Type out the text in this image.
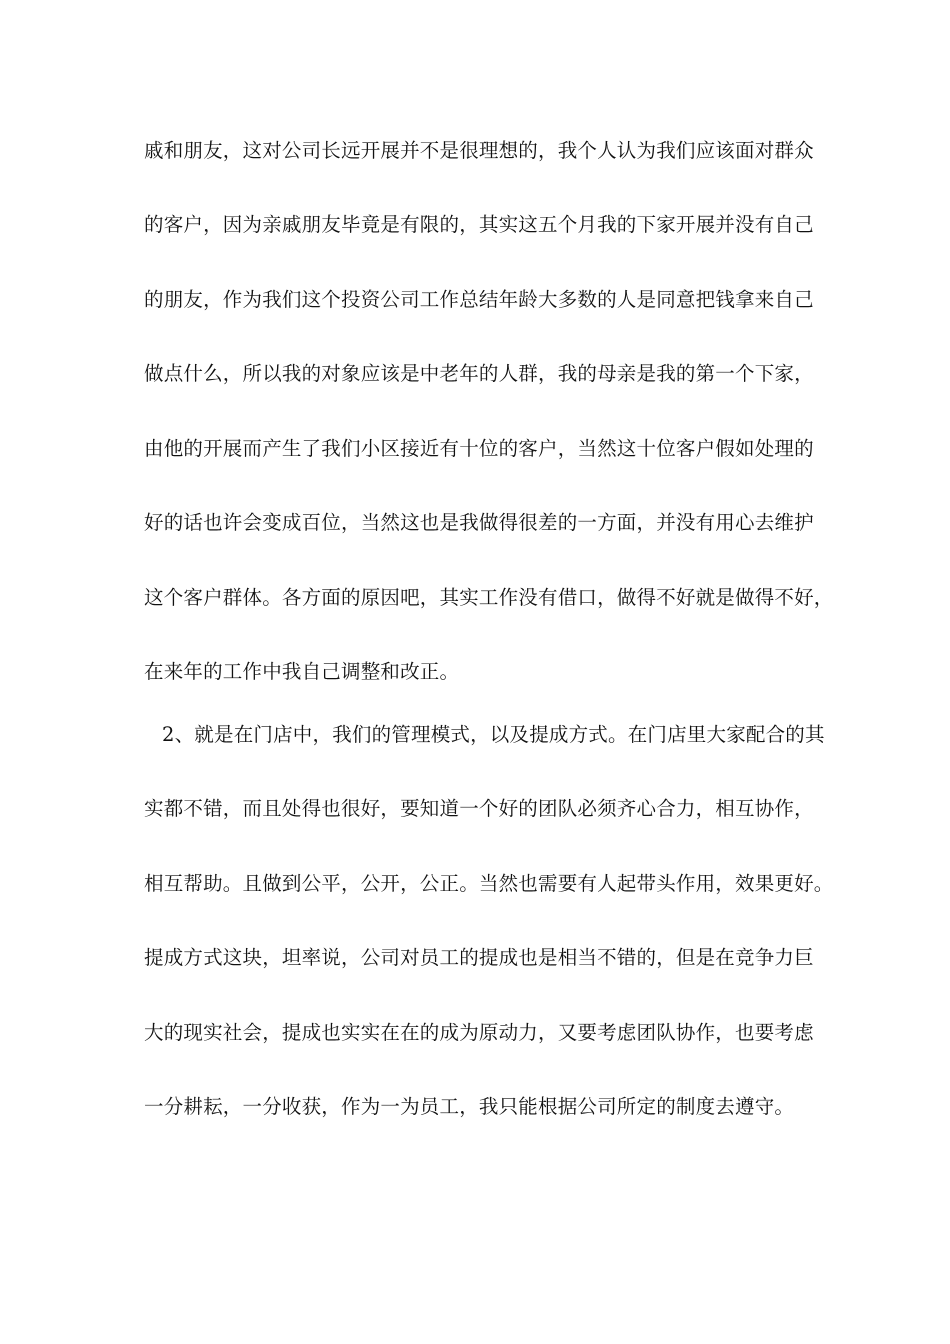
戚和朋友，这对公司长远开展并不是很理想的，我个人认为我们应该面对群众
的客户，因为亲戚朋友毕竟是有限的，其实这五个月我的下家开展并没有自己
的朋友，作为我们这个投资公司工作总结年龄大多数的人是同意把钱拿来自己
做点什么，所以我的对象应该是中老年的人群，我的母亲是我的第一个下家，
由他的开展而产生了我们小区接近有十位的客户，当然这十位客户假如处理的
好的话也许会变成百位，当然这也是我做得很差的一方面，并没有用心去维护
这个客户群体。各方面的原因吧，其实工作没有借口，做得不好就是做得不好，
在来年的工作中我自己调整和改正。
2、就是在门店中，我们的管理模式，以及提成方式。在门店里大家配合的其
实都不错，而且处得也很好，要知道一个好的团队必须齐心合力，相互协作，
相互帮助。且做到公平，公开，公正。当然也需要有人起带头作用，效果更好。
提成方式这块，坦率说，公司对员工的提成也是相当不错的，但是在竞争力巨
大的现实社会，提成也实实在在的成为原动力，又要考虑团队协作，也要考虑
一分耕耘，一分收获，作为一为员工，我只能根据公司所定的制度去遵守。
